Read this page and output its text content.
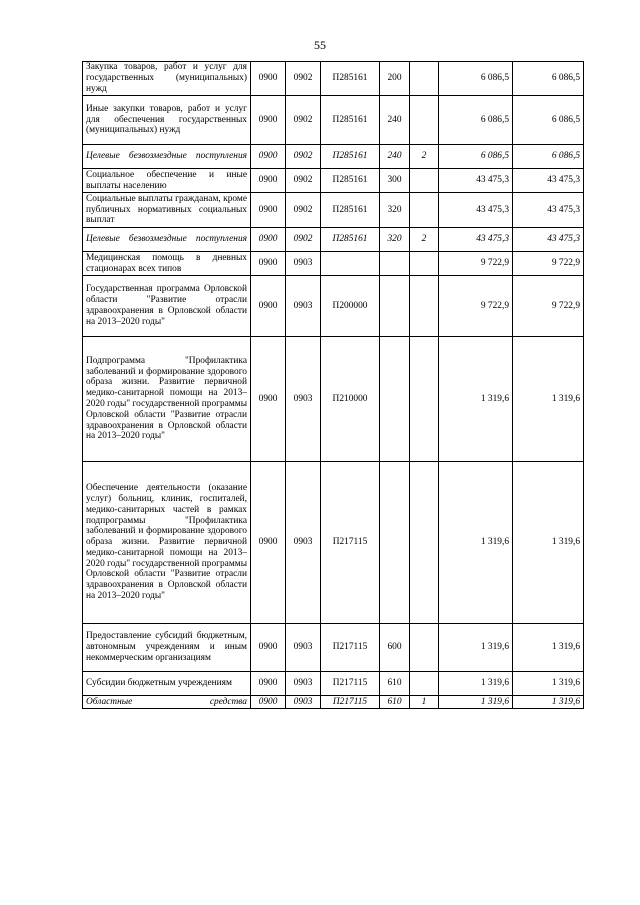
55
Закупка товаров, работ и услуг для государственных (муниципальных) нужд	0900	0902	П285161	200		6 086,5	6 086,5
Иные закупки товаров, работ и услуг для обеспечения государственных (муниципальных) нужд	0900	0902	П285161	240		6 086,5	6 086,5
Целевые безвозмездные поступления	0900	0902	П285161	240	2	6 086,5	6 086,5
Социальное обеспечение и иные выплаты населению	0900	0902	П285161	300		43 475,3	43 475,3
Социальные выплаты гражданам, кроме публичных нормативных социальных выплат	0900	0902	П285161	320		43 475,3	43 475,3
Целевые безвозмездные поступления	0900	0902	П285161	320	2	43 475,3	43 475,3
Медицинская помощь в дневных стационарах всех типов	0900	0903				9 722,9	9 722,9
Государственная программа Орловской области "Развитие отрасли здравоохранения в Орловской области на 2013–2020 годы"	0900	0903	П200000			9 722,9	9 722,9
Подпрограмма "Профилактика заболеваний и формирование здорового образа жизни. Развитие первичной медико-санитарной помощи на 2013–2020 годы" государственной программы Орловской области "Развитие отрасли здравоохранения в Орловской области на 2013–2020 годы"	0900	0903	П210000			1 319,6	1 319,6
Обеспечение деятельности (оказание услуг) больниц, клиник, госпиталей, медико-санитарных частей в рамках подпрограммы "Профилактика заболеваний и формирование здорового образа жизни. Развитие первичной медико-санитарной помощи на 2013–2020 годы" государственной программы Орловской области "Развитие отрасли здравоохранения в Орловской области на 2013–2020 годы"	0900	0903	П217115			1 319,6	1 319,6
Предоставление субсидий бюджетным, автономным учреждениям и иным некоммерческим организациям	0900	0903	П217115	600		1 319,6	1 319,6
Субсидии бюджетным учреждениям	0900	0903	П217115	610		1 319,6	1 319,6
Областные средства	0900	0903	П217115	610	1	1 319,6	1 319,6
